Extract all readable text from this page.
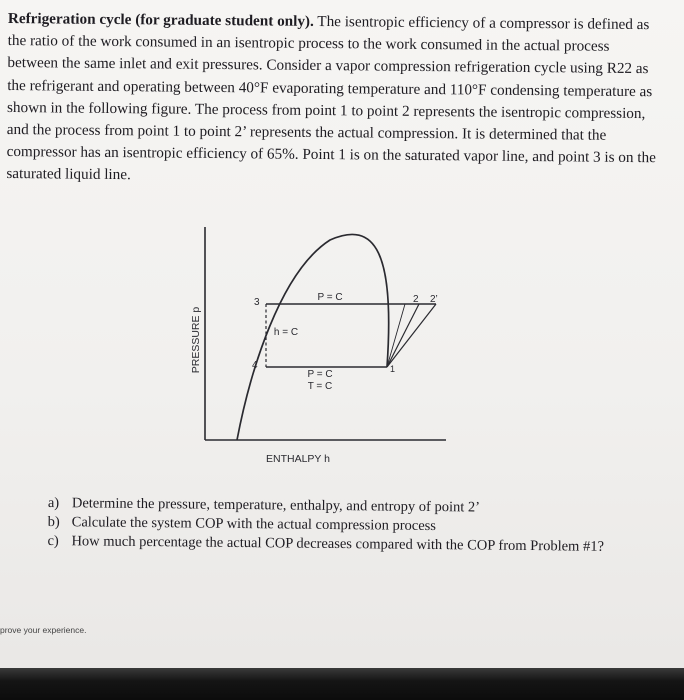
Refrigeration cycle (for graduate student only). The isentropic efficiency of a compressor is defined as the ratio of the work consumed in an isentropic process to the work consumed in the actual process between the same inlet and exit pressures. Consider a vapor compression refrigeration cycle using R22 as the refrigerant and operating between 40°F evaporating temperature and 110°F condensing temperature as shown in the following figure. The process from point 1 to point 2 represents the isentropic compression, and the process from point 1 to point 2’ represents the actual compression. It is determined that the compressor has an isentropic efficiency of 65%. Point 1 is on the saturated vapor line, and point 3 is on the saturated liquid line.
PRESSURE p
ENTHALPY h
3
4	1
2 2’
P = C
h = C
P = C
T = C
a) Determine the pressure, temperature, enthalpy, and entropy of point 2’
b) Calculate the system COP with the actual compression process
c) How much percentage the actual COP decreases compared with the COP from Problem #1?
prove your experience.
